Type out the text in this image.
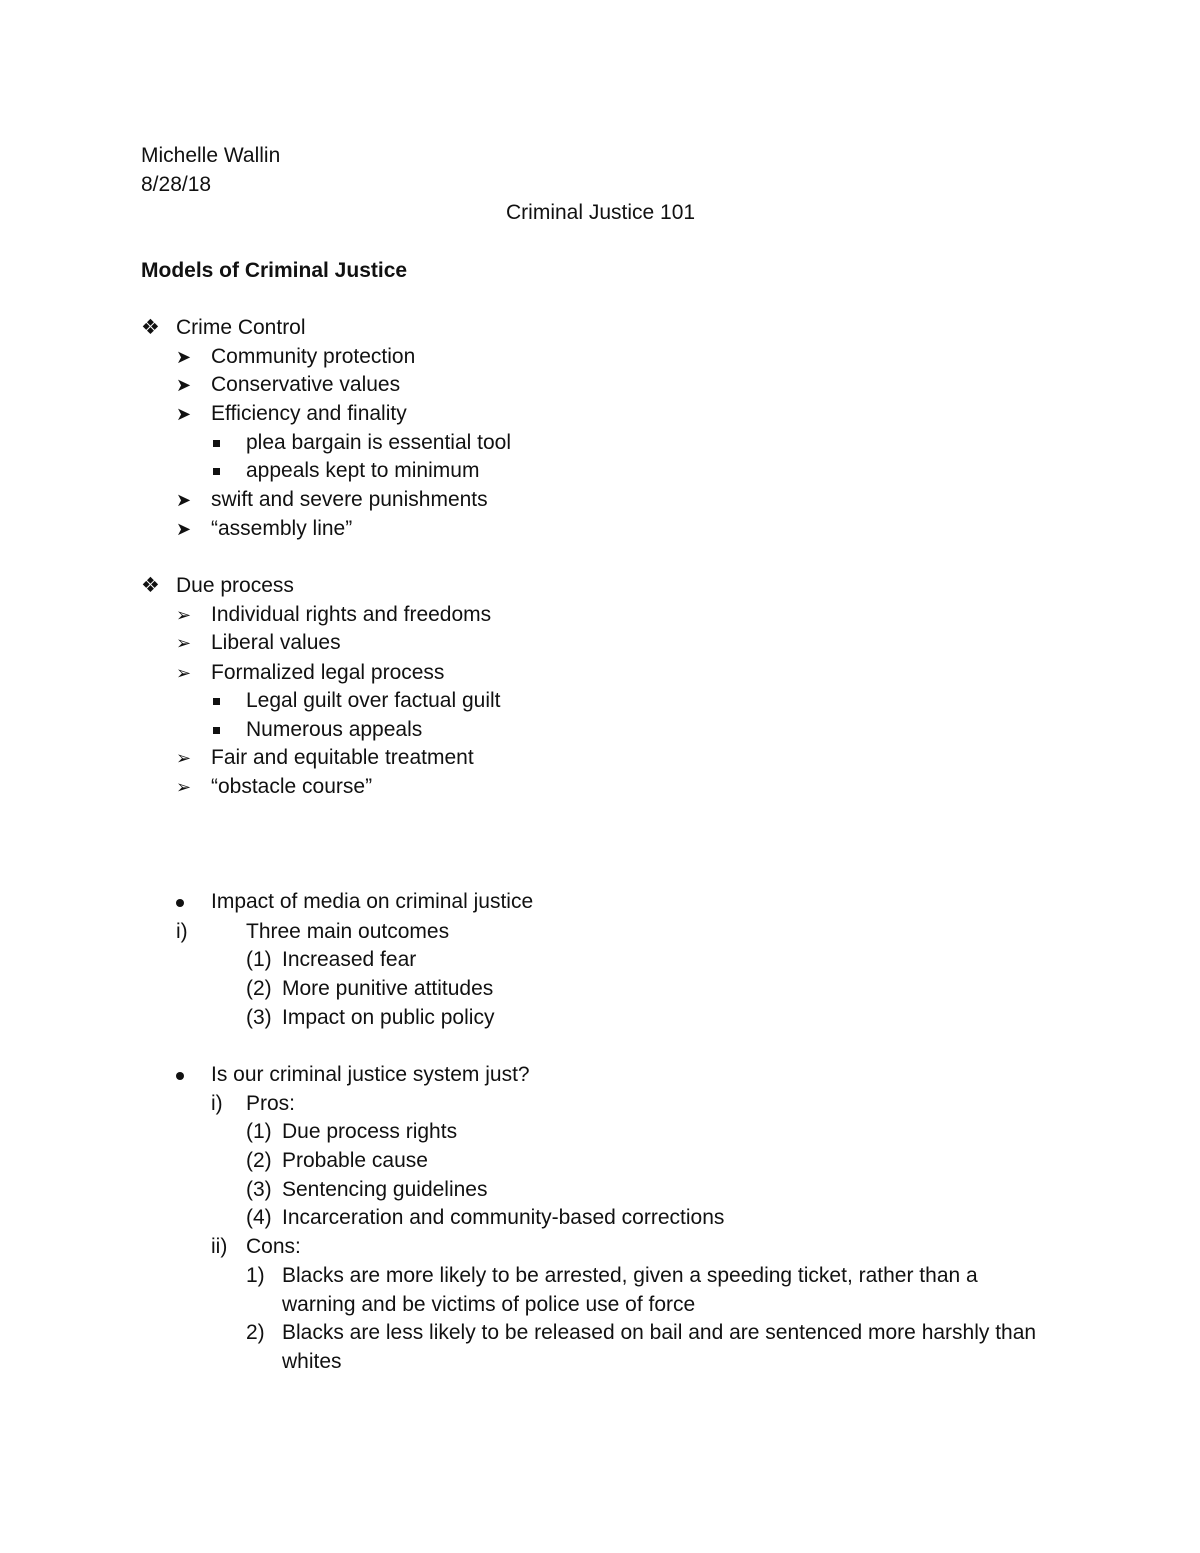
Michelle Wallin
8/28/18
Criminal Justice 101
Models of Criminal Justice
❖ Crime Control
➤ Community protection
➤ Conservative values
➤ Efficiency and finality
plea bargain is essential tool
appeals kept to minimum
➤ swift and severe punishments
➤ “assembly line”
❖ Due process
➢ Individual rights and freedoms
➢ Liberal values
➢ Formalized legal process
Legal guilt over factual guilt
Numerous appeals
➢ Fair and equitable treatment
➢ “obstacle course”
Impact of media on criminal justice
i)	Three main outcomes
(1) Increased fear
(2) More punitive attitudes
(3) Impact on public policy
Is our criminal justice system just?
i) Pros:
(1) Due process rights
(2) Probable cause
(3) Sentencing guidelines
(4) Incarceration and community-based corrections
ii) Cons:
1) Blacks are more likely to be arrested, given a speeding ticket, rather than a
warning and be victims of police use of force
2) Blacks are less likely to be released on bail and are sentenced more harshly than
whites
